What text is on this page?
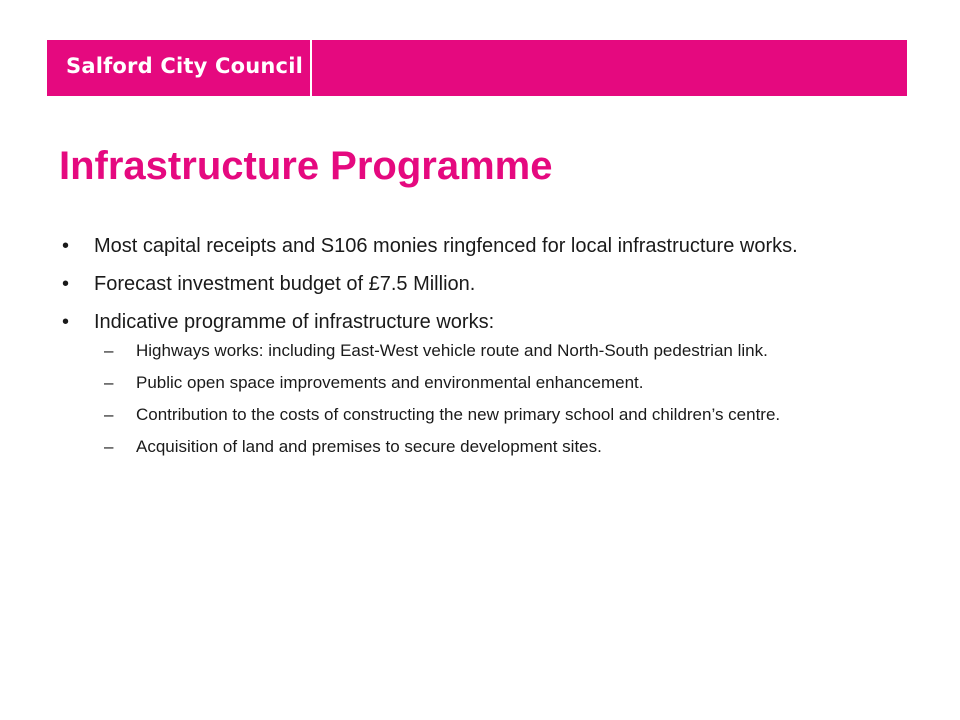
Salford City Council
Infrastructure Programme
•	Most capital receipts and S106 monies ringfenced for local infrastructure works.
•	Forecast investment budget of £7.5 Million.
•	Indicative programme of infrastructure works:
– Highways works: including East-West vehicle route and North-South pedestrian link.
– Public open space improvements and environmental enhancement.
– Contribution to the costs of constructing the new primary school and children’s centre.
– Acquisition of land and premises to secure development sites.
